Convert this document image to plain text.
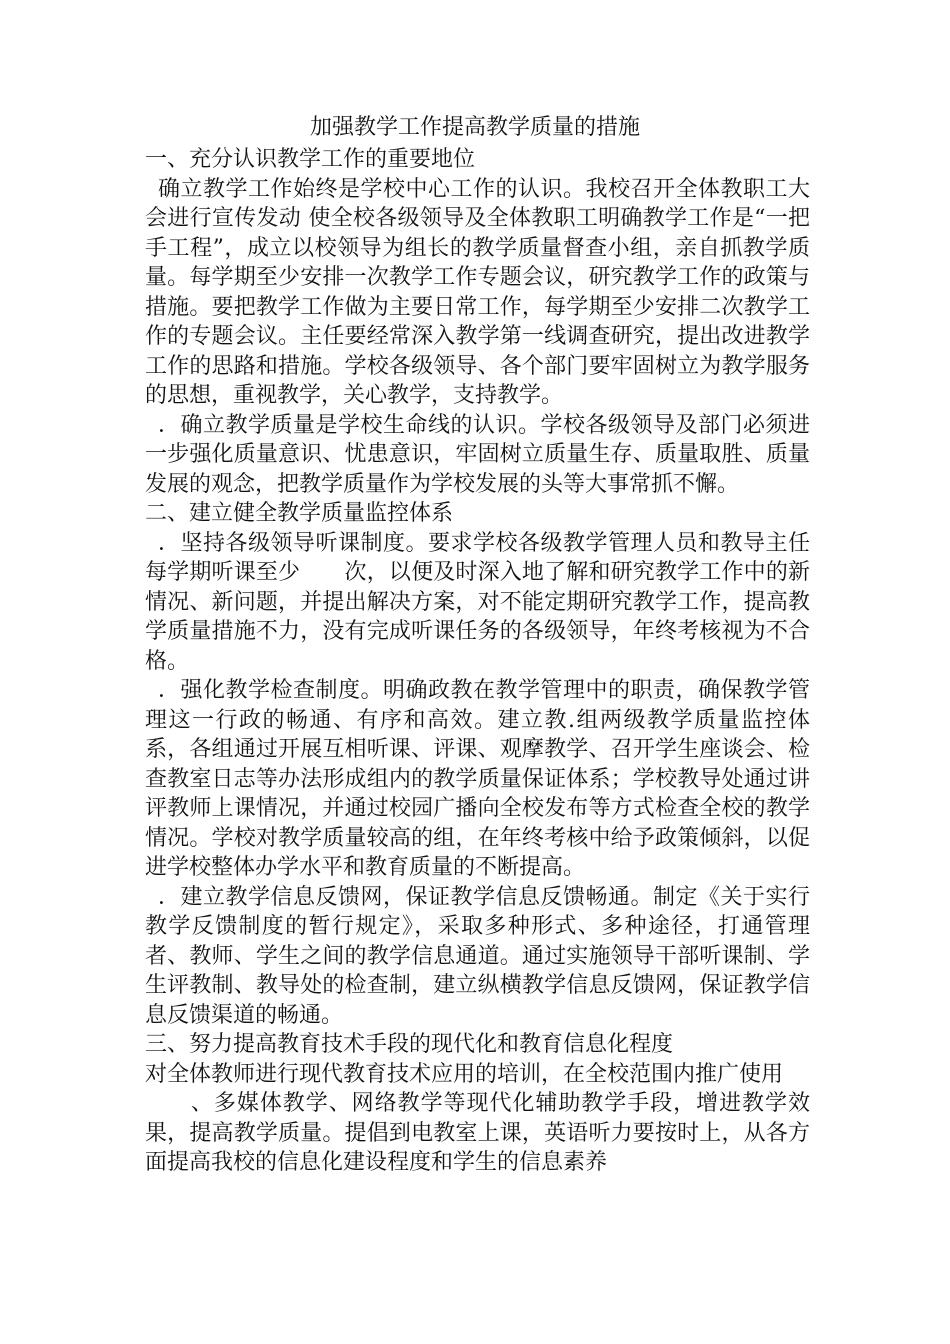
加强教学工作提高教学质量的措施

一、充分认识教学工作的重要地位

确立教学工作始终是学校中心工作的认识。我校召开全体教职工大会进行宣传发动 使全校各级领导及全体教职工明确教学工作是“一把手工程”，成立以校领导为组长的教学质量督查小组，亲自抓教学质量。每学期至少安排一次教学工作专题会议，研究教学工作的政策与措施。要把教学工作做为主要日常工作，每学期至少安排二次教学工作的专题会议。主任要经常深入教学第一线调查研究，提出改进教学工作的思路和措施。学校各级领导、各个部门要牢固树立为教学服务的思想，重视教学，关心教学，支持教学。

．确立教学质量是学校生命线的认识。学校各级领导及部门必须进一步强化质量意识、忧患意识，牢固树立质量生存、质量取胜、质量发展的观念，把教学质量作为学校发展的头等大事常抓不懈。

二、建立健全教学质量监控体系

．坚持各级领导听课制度。要求学校各级教学管理人员和教导主任每学期听课至少　　次，以便及时深入地了解和研究教学工作中的新情况、新问题，并提出解决方案，对不能定期研究教学工作，提高教学质量措施不力，没有完成听课任务的各级领导，年终考核视为不合格。

．强化教学检查制度。明确政教在教学管理中的职责，确保教学管理这一行政的畅通、有序和高效。建立教.组两级教学质量监控体系，各组通过开展互相听课、评课、观摩教学、召开学生座谈会、检查教室日志等办法形成组内的教学质量保证体系；学校教导处通过讲评教师上课情况，并通过校园广播向全校发布等方式检查全校的教学情况。学校对教学质量较高的组，在年终考核中给予政策倾斜，以促进学校整体办学水平和教育质量的不断提高。

．建立教学信息反馈网，保证教学信息反馈畅通。制定《关于实行教学反馈制度的暂行规定》，采取多种形式、多种途径，打通管理者、教师、学生之间的教学信息通道。通过实施领导干部听课制、学生评教制、教导处的检查制，建立纵横教学信息反馈网，保证教学信息反馈渠道的畅通。

三、努力提高教育技术手段的现代化和教育信息化程度

对全体教师进行现代教育技术应用的培训，在全校范围内推广使用

　　、多媒体教学、网络教学等现代化辅助教学手段，增进教学效果，提高教学质量。提倡到电教室上课，英语听力要按时上，从各方面提高我校的信息化建设程度和学生的信息素养
